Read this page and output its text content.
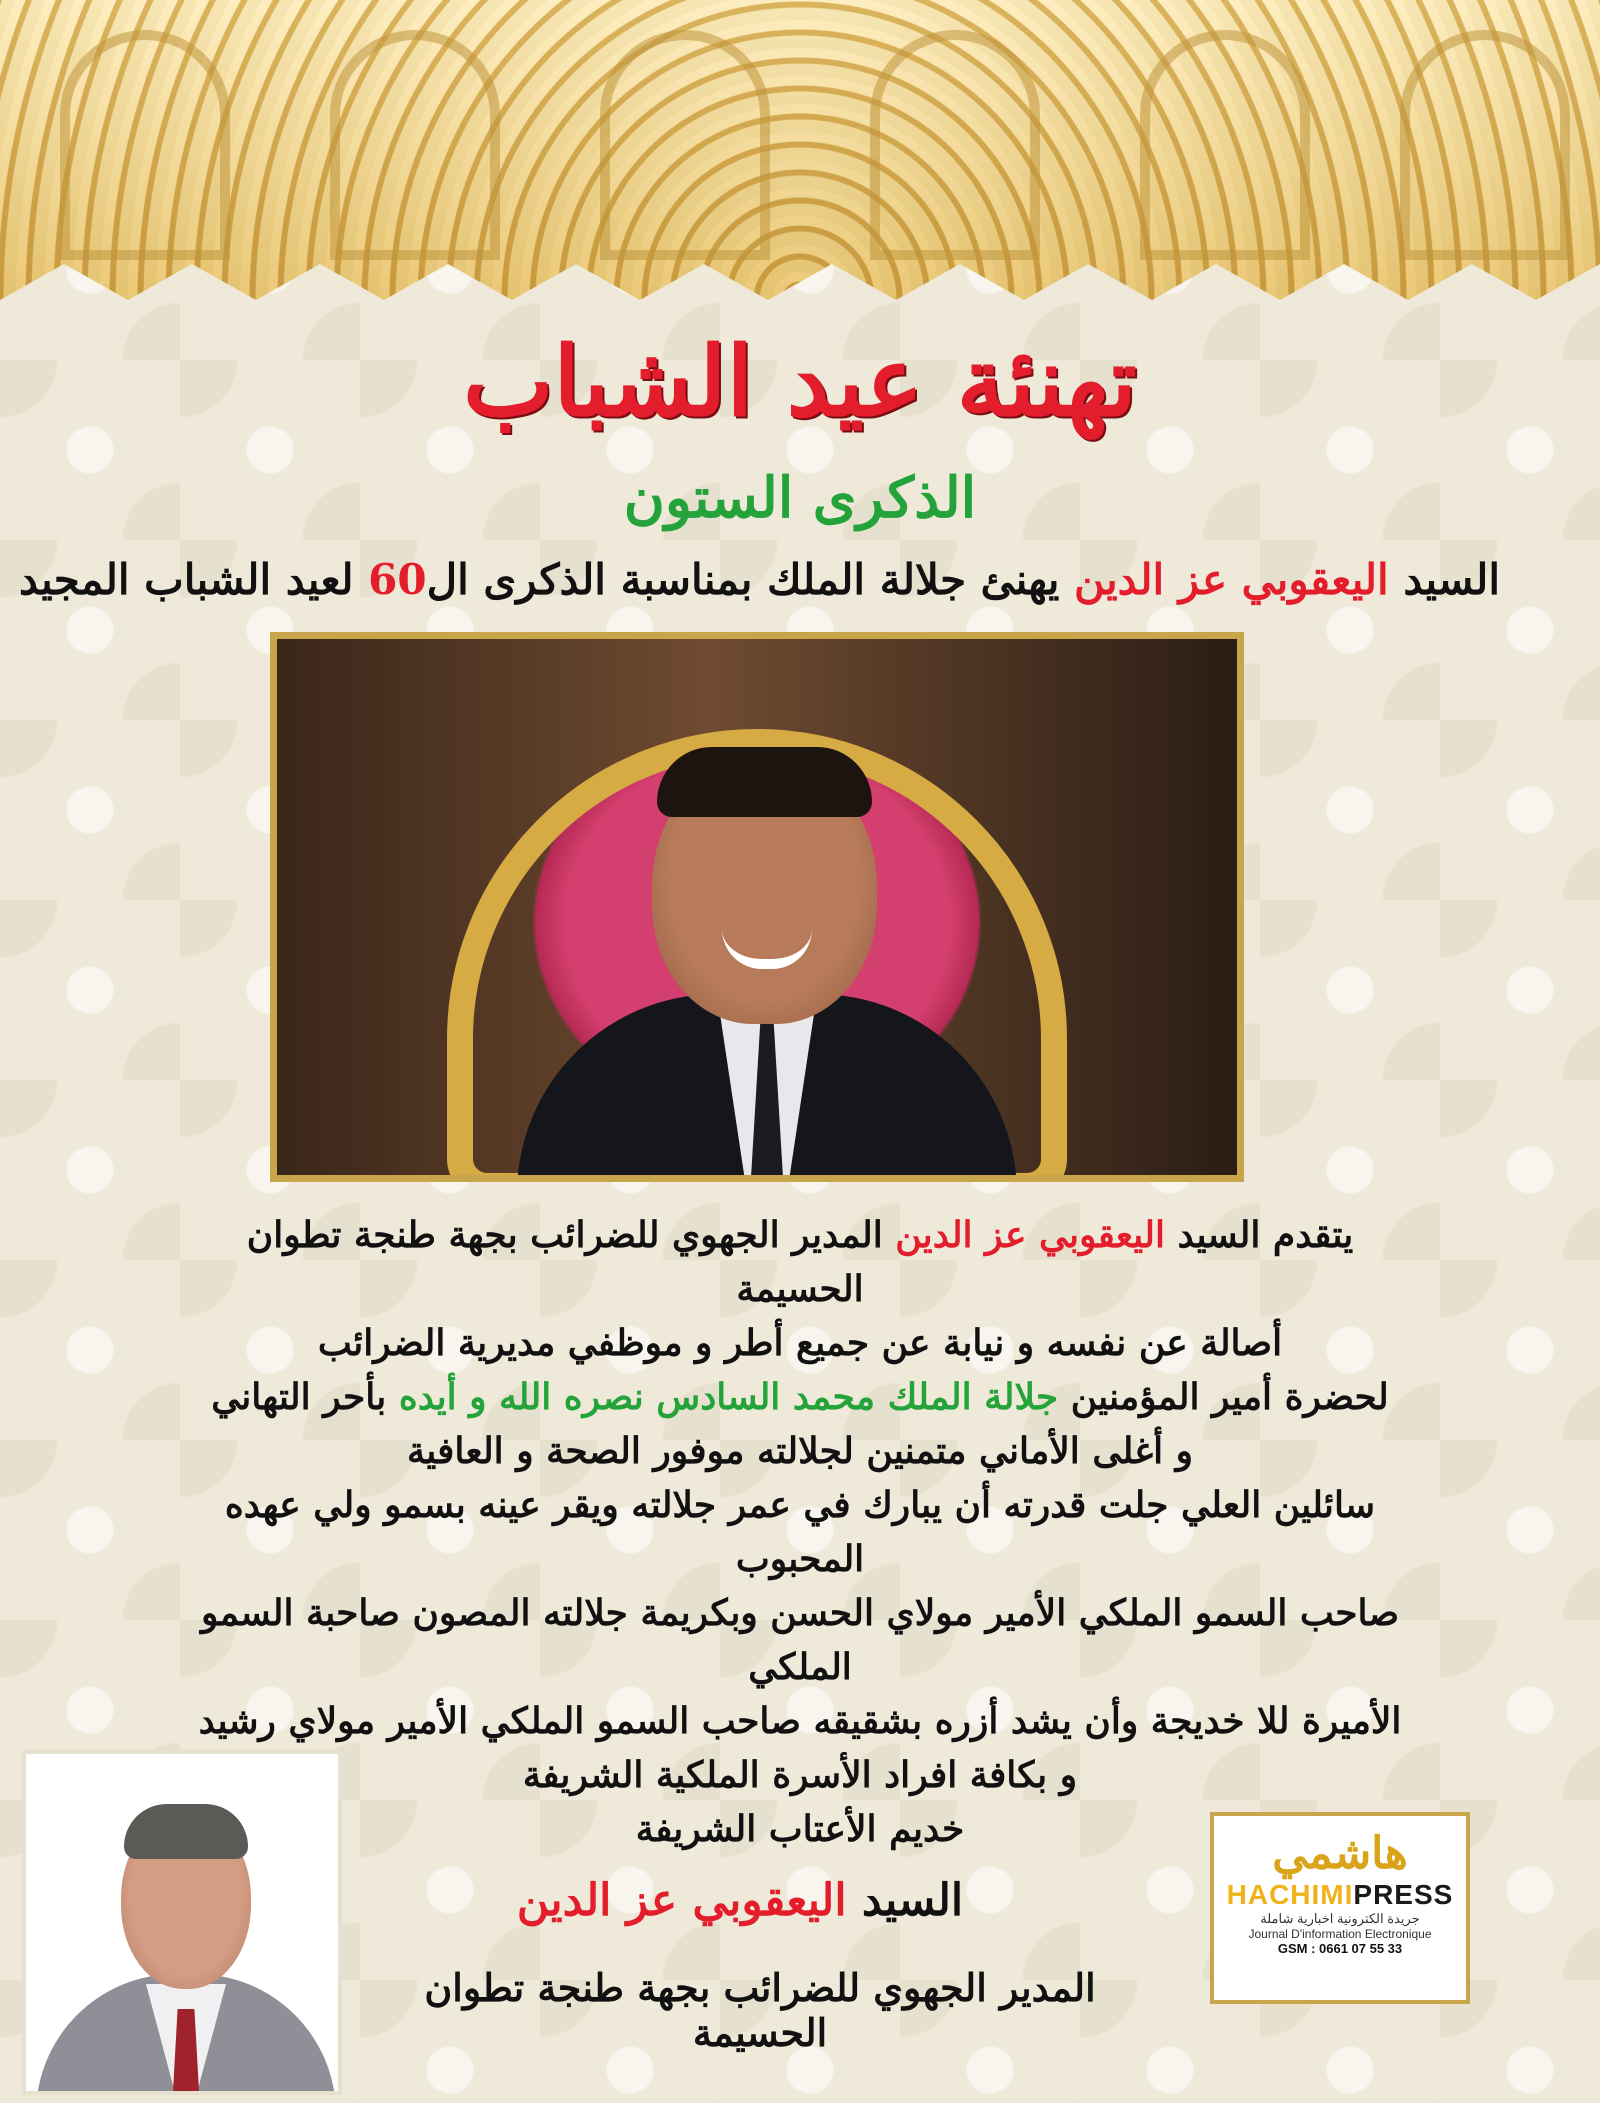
تهنئة عيد الشباب
الذكرى الستون
السيد اليعقوبي عز الدين يهنئ جلالة الملك بمناسبة الذكرى ال60 لعيد الشباب المجيد

يتقدم السيد اليعقوبي عز الدين المدير الجهوي للضرائب بجهة طنجة تطوان الحسيمة

أصالة عن نفسه و نيابة عن جميع أطر و موظفي مديرية الضرائب

لحضرة أمير المؤمنين جلالة الملك محمد السادس نصره الله و أيده بأحر التهاني

و أغلى الأماني متمنين لجلالته موفور الصحة و العافية

سائلين العلي جلت قدرته أن يبارك في عمر جلالته ويقر عينه بسمو ولي عهده المحبوب

صاحب السمو الملكي الأمير مولاي الحسن وبكريمة جلالته المصون صاحبة السمو الملكي

الأميرة للا خديجة وأن يشد أزره بشقيقه صاحب السمو الملكي الأمير مولاي رشيد

و بكافة افراد الأسرة الملكية الشريفة

خديم الأعتاب الشريفة

السيد اليعقوبي عز الدين
المدير الجهوي للضرائب بجهة طنجة تطوان الحسيمة
هاشمي
HACHIMIPRESS
جريدة الكترونية اخبارية شاملة
Journal D'information Electronique
GSM : 0661 07 55 33
